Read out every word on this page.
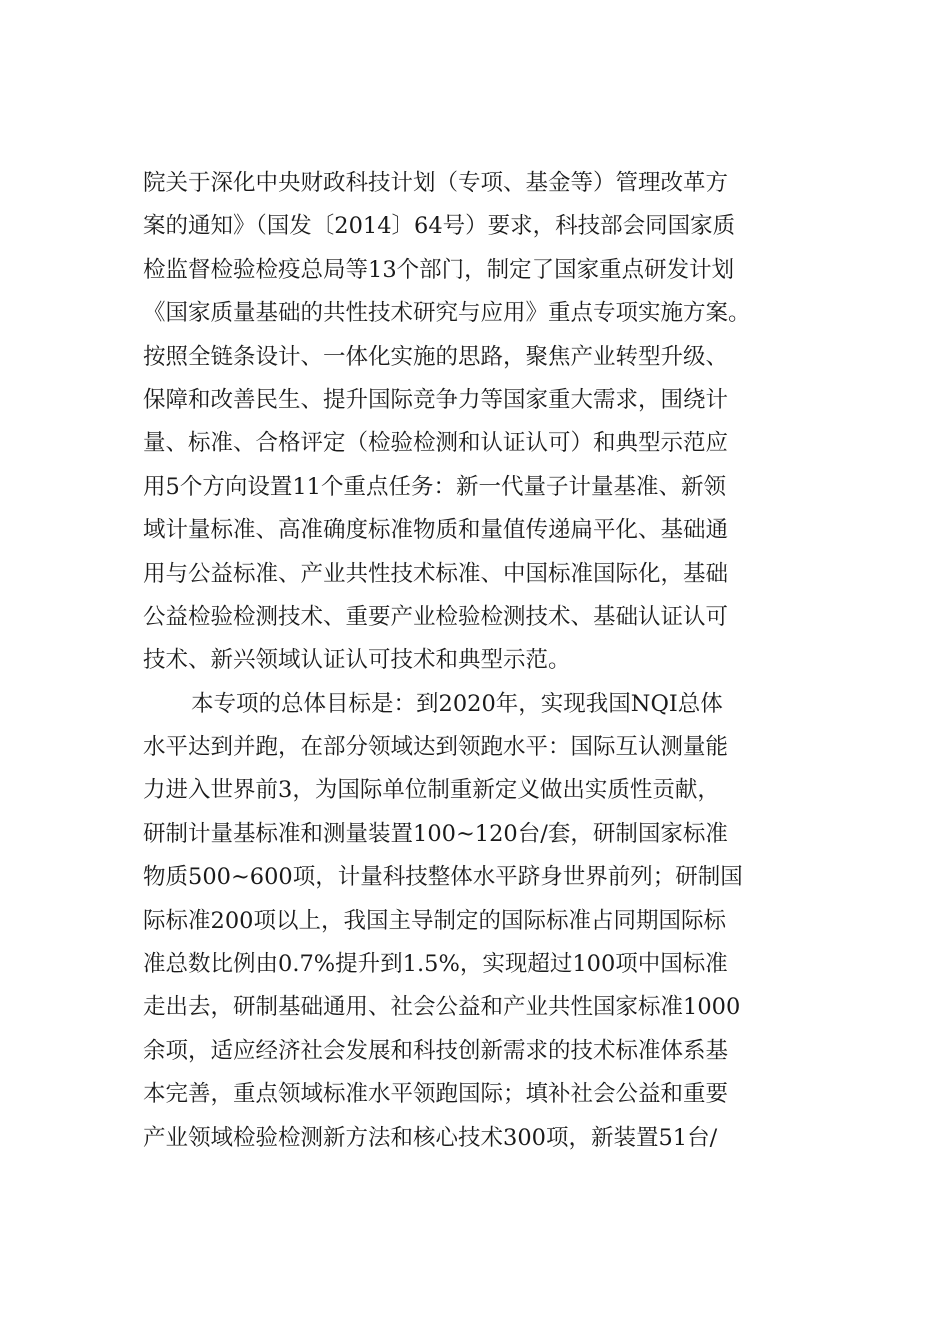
院关于深化中央财政科技计划（专项、基金等）管理改革方
案的通知》（国发〔2014〕64号）要求，科技部会同国家质
检监督检验检疫总局等13个部门，制定了国家重点研发计划
《国家质量基础的共性技术研究与应用》重点专项实施方案。
按照全链条设计、一体化实施的思路，聚焦产业转型升级、
保障和改善民生、提升国际竞争力等国家重大需求，围绕计
量、标准、合格评定（检验检测和认证认可）和典型示范应
用5个方向设置11个重点任务：新一代量子计量基准、新领
域计量标准、高准确度标准物质和量值传递扁平化、基础通
用与公益标准、产业共性技术标准、中国标准国际化，基础
公益检验检测技术、重要产业检验检测技术、基础认证认可
技术、新兴领域认证认可技术和典型示范。
本专项的总体目标是：到2020年，实现我国NQI总体
水平达到并跑，在部分领域达到领跑水平：国际互认测量能
力进入世界前3，为国际单位制重新定义做出实质性贡献，
研制计量基标准和测量装置100~120台/套，研制国家标准
物质500~600项，计量科技整体水平跻身世界前列；研制国
际标准200项以上，我国主导制定的国际标准占同期国际标
准总数比例由0.7%提升到1.5%，实现超过100项中国标准
走出去，研制基础通用、社会公益和产业共性国家标准1000
余项，适应经济社会发展和科技创新需求的技术标准体系基
本完善，重点领域标准水平领跑国际；填补社会公益和重要
产业领域检验检测新方法和核心技术300项，新装置51台/
